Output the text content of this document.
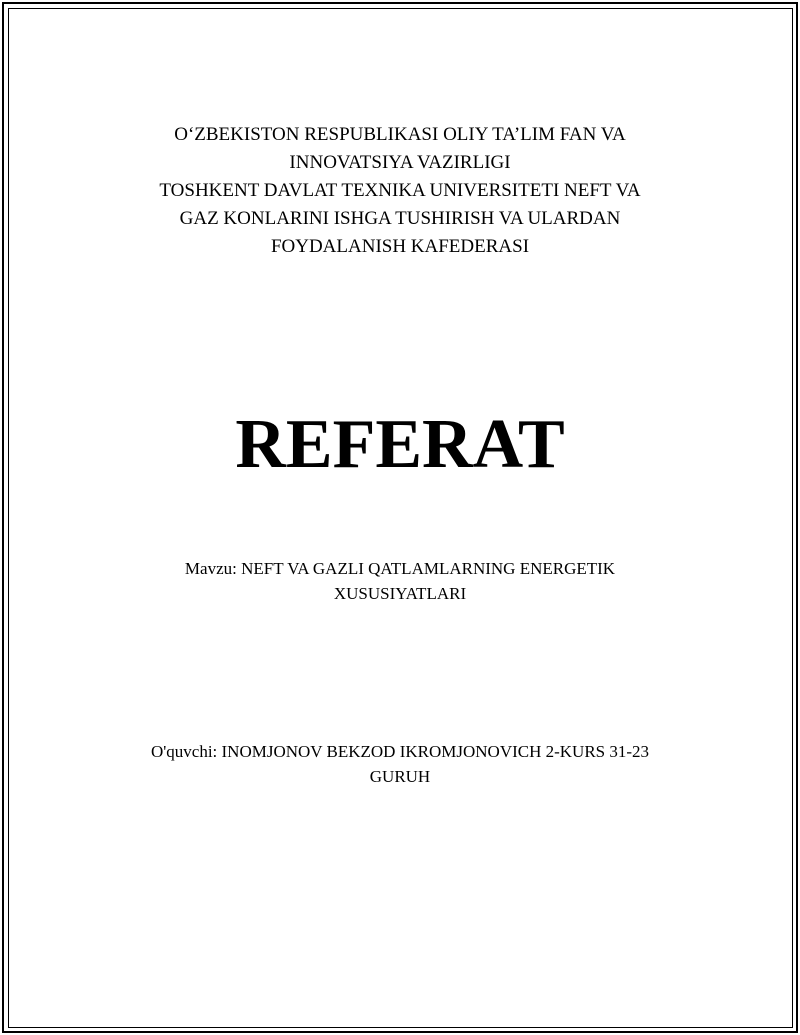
O‘ZBEKISTON RESPUBLIKASI OLIY TA’LIM FAN VA
INNOVATSIYA VAZIRLIGI
TOSHKENT DAVLAT TEXNIKA UNIVERSITETI NEFT VA
GAZ KONLARINI ISHGA TUSHIRISH VA ULARDAN
FOYDALANISH KAFEDERASI
REFERAT
Mavzu: NEFT VA GAZLI QATLAMLARNING ENERGETIK
XUSUSIYATLARI
O'quvchi: INOMJONOV BEKZOD IKROMJONOVICH 2-KURS 31-23
GURUH
